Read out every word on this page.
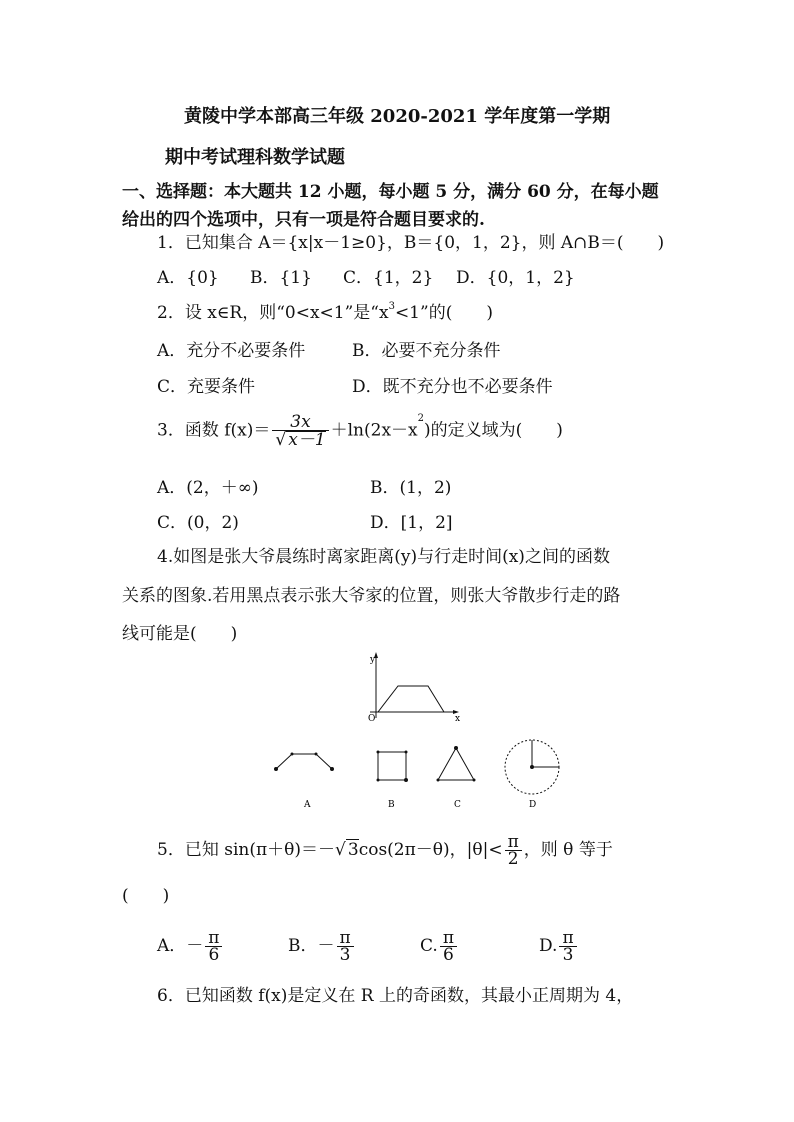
黄陵中学本部高三年级 2020-2021 学年度第一学期
期中考试理科数学试题
一、选择题：本大题共 12 小题，每小题 5 分，满分 60 分，在每小题
给出的四个选项中，只有一项是符合题目要求的.
1．已知集合 A＝{x|x－1≥0}，B＝{0，1，2}，则 A∩B＝(　　)
A．{0} B．{1} C．{1，2} D．{0，1，2}
2．设 x∈R，则“0<x<1”是“$x^3<1$”的(　　)
A．充分不必要条件	B．必要不充分条件
C．充要条件	D．既不充分也不必要条件
3．函数 $f(x)= \frac{3x}{√ x-1} +\ln(2x-x^2)$的定义域为(　　)
A．(2，＋∞)	B．(1，2)
C．(0，2)	D．[1，2]
4.如图是张大爷晨练时离家距离(y)与行走时间(x)之间的函数
关系的图象.若用黑点表示张大爷家的位置，则张大爷散步行走的路
线可能是(　　)
y
x
O
A	B	C	D
5．已知 sin(π＋θ)＝－√ 3cos(2π－θ)，$|\theta|< \frac{\pi}{2}$ ，则 θ 等于
(　　)
A．－ $\frac{\pi}{6}$	B．－ $\frac{\pi}{3}$	C. $\frac{\pi}{6}$	D. $\frac{\pi}{3}$
6．已知函数 f(x)是定义在 R 上的奇函数，其最小正周期为 4，
